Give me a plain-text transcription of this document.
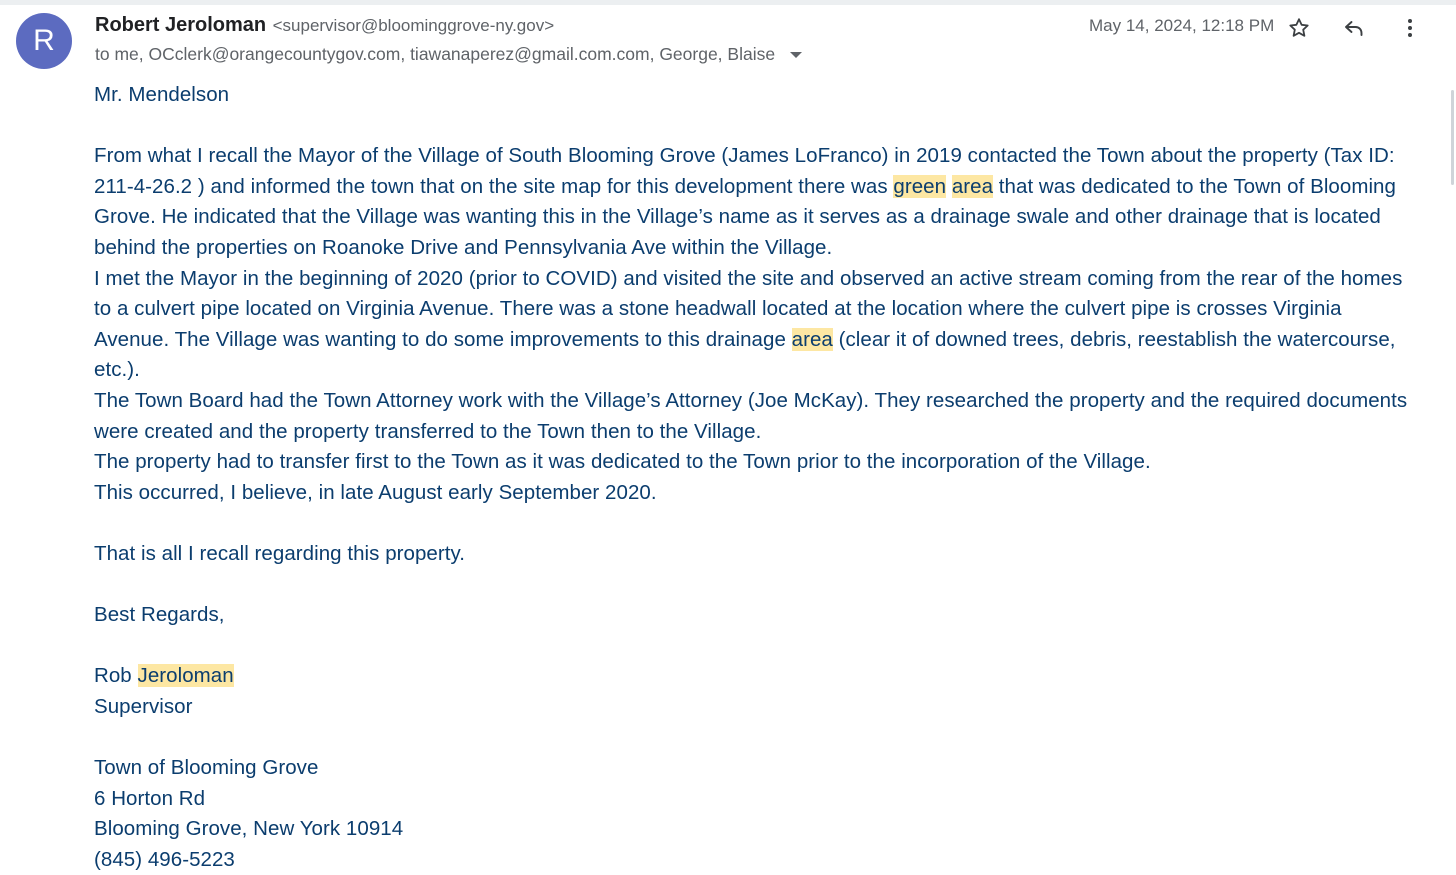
R	Robert Jeroloman <supervisor@bloominggrove-ny.gov>
to me, OCclerk@orangecountygov.com, tiawanaperez@gmail.com.com, George, Blaise
May 14, 2024, 12:18 PM

Mr. Mendelson

From what I recall the Mayor of the Village of South Blooming Grove (James LoFranco) in 2019 contacted the Town about the property (Tax ID: 211-4-26.2 ) and informed the town that on the site map for this development there was green area that was dedicated to the Town of Blooming Grove. He indicated that the Village was wanting this in the Village’s name as it serves as a drainage swale and other drainage that is located behind the properties on Roanoke Drive and Pennsylvania Ave within the Village.

I met the Mayor in the beginning of 2020 (prior to COVID) and visited the site and observed an active stream coming from the rear of the homes to a culvert pipe located on Virginia Avenue. There was a stone headwall located at the location where the culvert pipe is crosses Virginia Avenue. The Village was wanting to do some improvements to this drainage area (clear it of downed trees, debris, reestablish the watercourse, etc.).

The Town Board had the Town Attorney work with the Village’s Attorney (Joe McKay). They researched the property and the required documents were created and the property transferred to the Town then to the Village.

The property had to transfer first to the Town as it was dedicated to the Town prior to the incorporation of the Village.

This occurred, I believe, in late August early September 2020.

That is all I recall regarding this property.

Best Regards,

Rob Jeroloman

Supervisor

Town of Blooming Grove

6 Horton Rd

Blooming Grove, New York 10914

(845) 496-5223
